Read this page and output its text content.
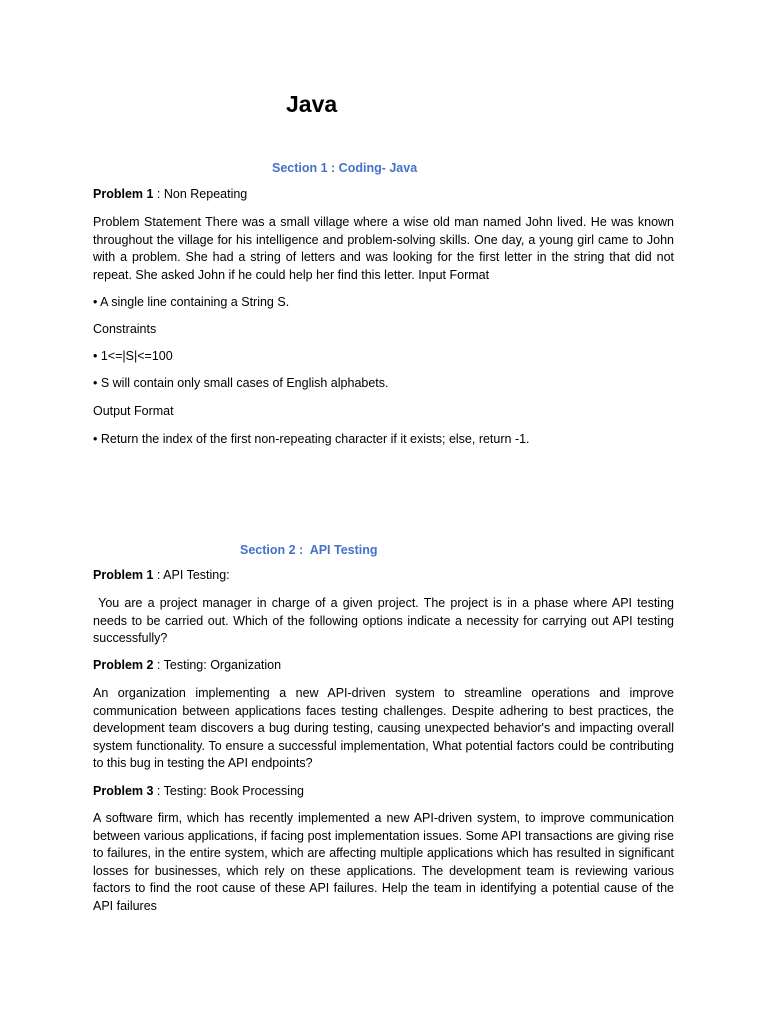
Java
Section 1 : Coding- Java

Problem 1 : Non Repeating

Problem Statement There was a small village where a wise old man named John lived. He was known throughout the village for his intelligence and problem-solving skills. One day, a young girl came to John with a problem. She had a string of letters and was looking for the first letter in the string that did not repeat. She asked John if he could help her find this letter. Input Format

• A single line containing a String S.

Constraints

• 1<=|S|<=100

• S will contain only small cases of English alphabets.

Output Format

• Return the index of the first non-repeating character if it exists; else, return -1.

Section 2 :  API Testing

Problem 1 : API Testing:

You are a project manager in charge of a given project. The project is in a phase where API testing needs to be carried out. Which of the following options indicate a necessity for carrying out API testing successfully?

Problem 2 : Testing: Organization

An organization implementing a new API-driven system to streamline operations and improve communication between applications faces testing challenges. Despite adhering to best practices, the development team discovers a bug during testing, causing unexpected behavior's and impacting overall system functionality. To ensure a successful implementation, What potential factors could be contributing to this bug in testing the API endpoints?

Problem 3 : Testing: Book Processing

A software firm, which has recently implemented a new API-driven system, to improve communication between various applications, if facing post implementation issues. Some API transactions are giving rise to failures, in the entire system, which are affecting multiple applications which has resulted in significant losses for businesses, which rely on these applications. The development team is reviewing various factors to find the root cause of these API failures. Help the team in identifying a potential cause of the API failures
